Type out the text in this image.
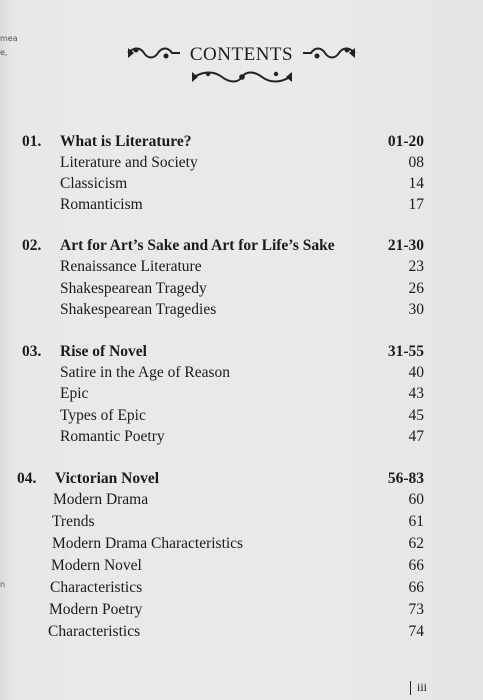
mea
e,
n
CONTENTS
01. What is Literature?	01-20
Literature and Society	08
Classicism	14
Romanticism	17
02. Art for Art’s Sake and Art for Life’s Sake	21-30
Renaissance Literature	23
Shakespearean Tragedy	26
Shakespearean Tragedies	30
03. Rise of Novel	31-55
Satire in the Age of Reason	40
Epic	43
Types of Epic	45
Romantic Poetry	47
04. Victorian Novel	56-83
Modern Drama	60
Trends	61
Modern Drama Characteristics	62
Modern Novel	66
Characteristics	66
Modern Poetry	73
Characteristics	74
iii
